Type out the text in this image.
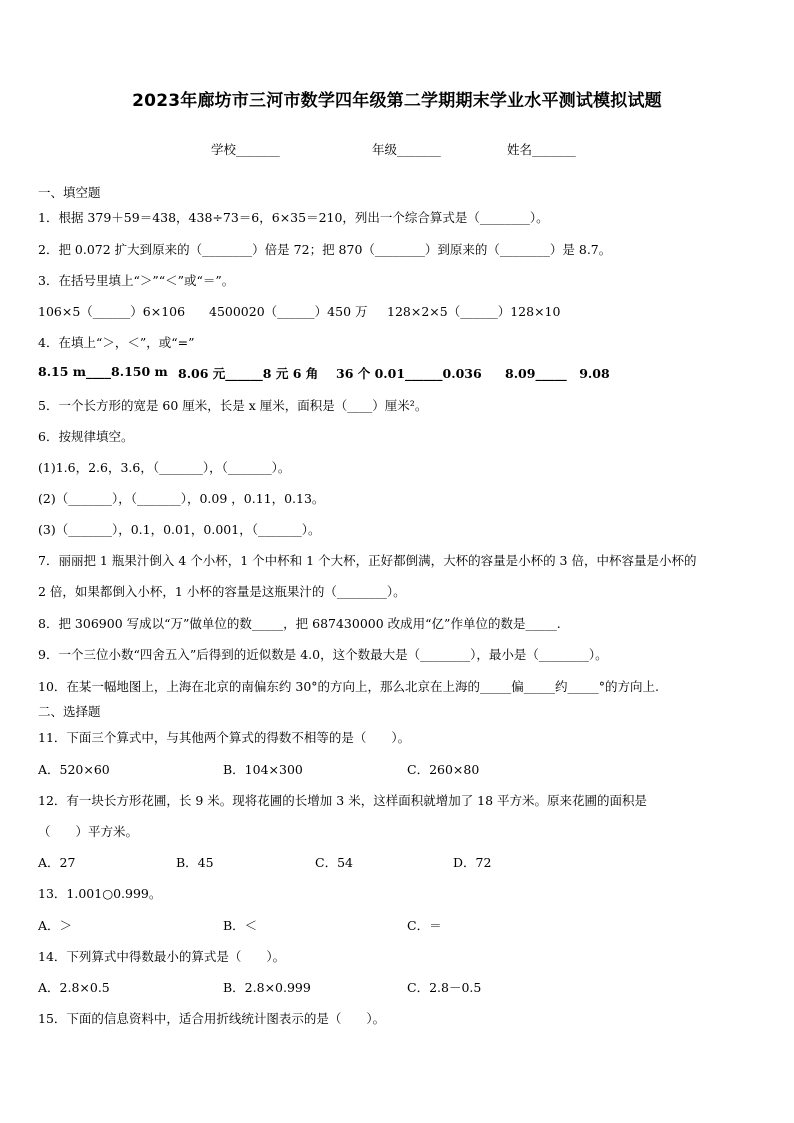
2023年廊坊市三河市数学四年级第二学期期末学业水平测试模拟试题
学校_______	年级_______	姓名_______
一、填空题
1．根据 379＋59＝438，438÷73＝6，6×35＝210，列出一个综合算式是（________）。
2．把 0.072 扩大到原来的（________）倍是 72；把 870（________）到原来的（________）是 8.7。
3．在括号里填上“＞”“＜”或“＝”。
106×5（______）6×106 4500020（______）450 万 128×2×5（______）128×10
4．在填上“＞，＜”，或“=”
8.15 m____8.150 m 8.06 元______8 元 6 角 36 个 0.01______0.036 8.09_____　9.08
5．一个长方形的宽是 60 厘米，长是 x 厘米，面积是（____）厘米²。
6．按规律填空。
(1)1.6，2.6，3.6，（_______），（_______）。
(2)（_______），（_______），0.09 ，0.11，0.13。
(3)（_______），0.1，0.01，0.001，（_______）。
7．丽丽把 1 瓶果汁倒入 4 个小杯，1 个中杯和 1 个大杯，正好都倒满，大杯的容量是小杯的 3 倍，中杯容量是小杯的
2 倍，如果都倒入小杯，1 小杯的容量是这瓶果汁的（________）。
8．把 306900 写成以“万”做单位的数_____，把 687430000 改成用“亿”作单位的数是_____.
9．一个三位小数“四舍五入”后得到的近似数是 4.0，这个数最大是（________），最小是（________）。
10．在某一幅地图上，上海在北京的南偏东约 30°的方向上，那么北京在上海的_____偏_____约_____°的方向上.
二、选择题
11．下面三个算式中，与其他两个算式的得数不相等的是（　　）。
A．520×60	B．104×300	C．260×80
12．有一块长方形花圃，长 9 米。现将花圃的长增加 3 米，这样面积就增加了 18 平方米。原来花圃的面积是
（　　）平方米。
A．27	B．45	C．54	D．72
13．1.001○0.999。
A．＞	B．＜	C．＝
14．下列算式中得数最小的算式是（　　）。
A．2.8×0.5	B．2.8×0.999	C．2.8－0.5
15．下面的信息资料中，适合用折线统计图表示的是（　　）。
